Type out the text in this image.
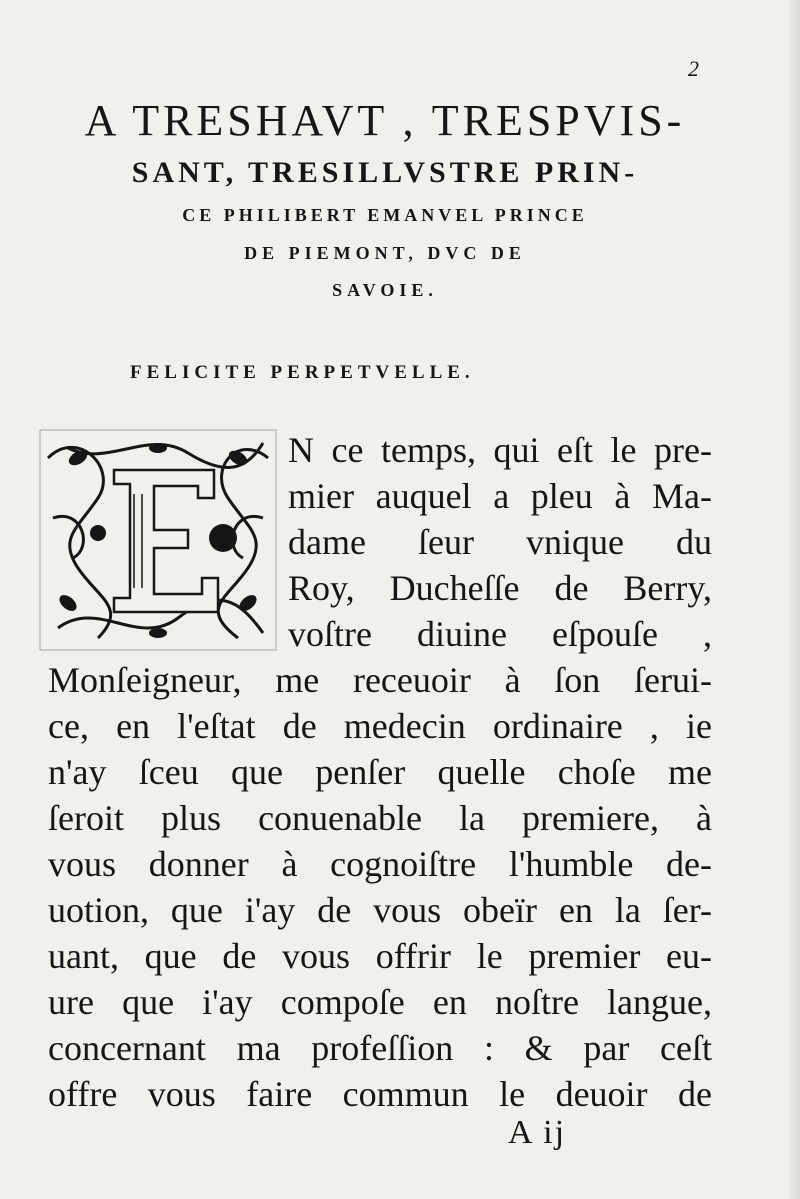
2
A TRESHAVT , TRESPVIS-
SANT, TRESILLVSTRE PRIN-
CE PHILIBERT EMANVEL PRINCE
DE PIEMONT, DVC DE
SAVOIE.
FELICITE PERPETVELLE.
N ce temps, qui eſt le pre-
mier auquel a pleu à Ma-
dame ſeur vnique du
Roy, Ducheſſe de Berry,
voſtre diuine eſpouſe ,
Monſeigneur, me receuoir à ſon ſerui-
ce, en l'eſtat de medecin ordinaire , ie
n'ay ſceu que penſer quelle choſe me
ſeroit plus conuenable la premiere, à
vous donner à cognoiſtre l'humble de-
uotion, que i'ay de vous obeïr en la ſer-
uant, que de vous offrir le premier eu-
ure que i'ay compoſe en noſtre langue,
concernant ma profeſſion : & par ceſt
offre vous faire commun le deuoir de
A ij
